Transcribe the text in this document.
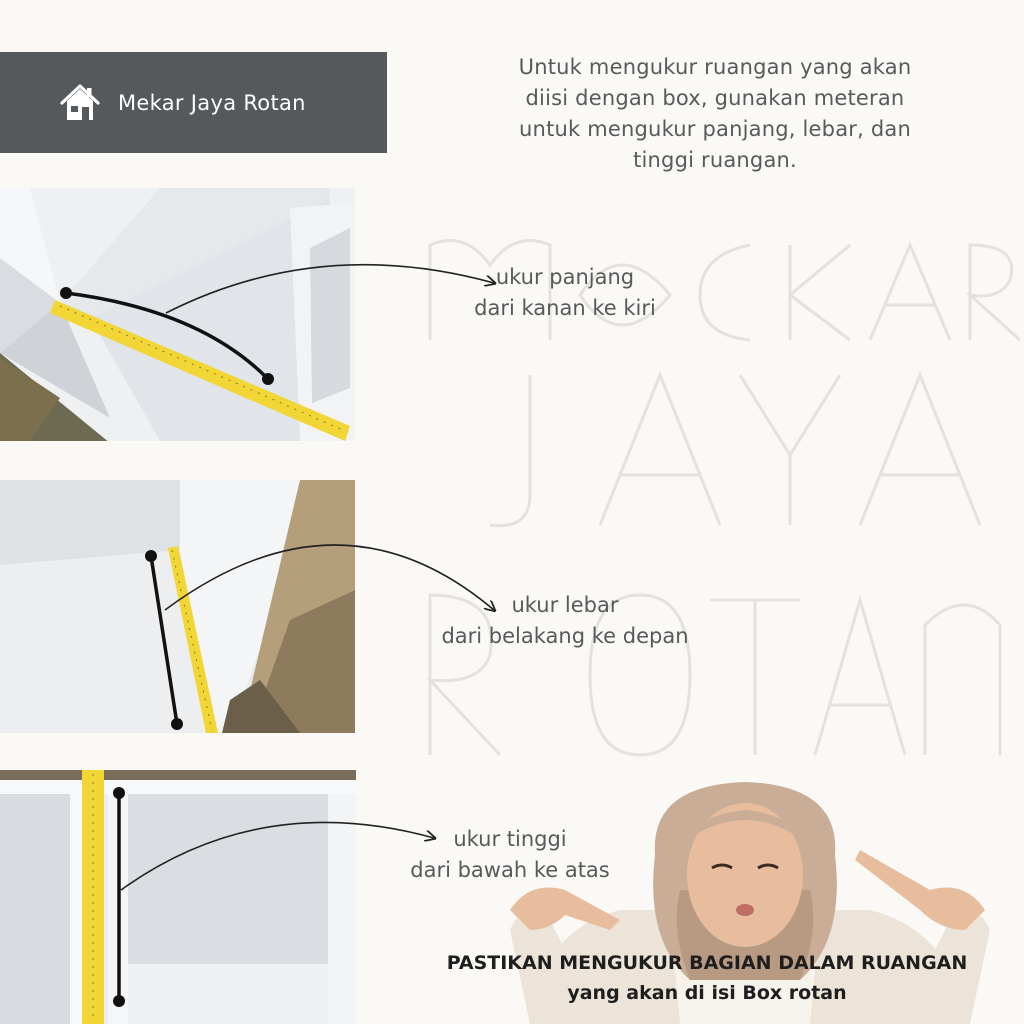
Mekar Jaya Rotan
Untuk mengukur ruangan yang akan
diisi dengan box, gunakan meteran
untuk mengukur panjang, lebar, dan
tinggi ruangan.
ukur panjang
dari kanan ke kiri
ukur lebar
dari belakang ke depan
ukur tinggi
dari bawah ke atas
PASTIKAN MENGUKUR BAGIAN DALAM RUANGAN
yang akan di isi Box rotan
